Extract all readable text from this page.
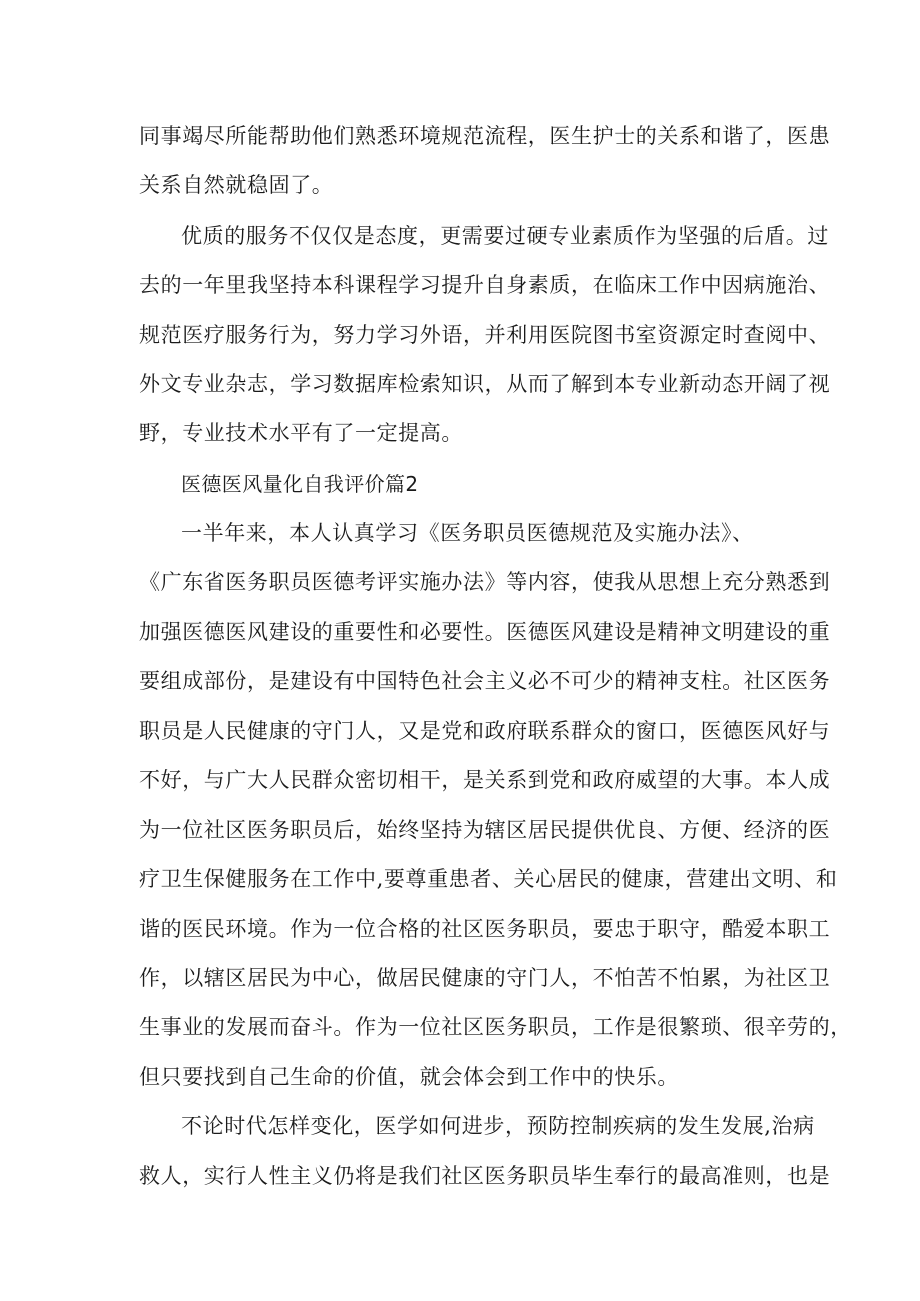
同事竭尽所能帮助他们熟悉环境规范流程，医生护士的关系和谐了，医患
关系自然就稳固了。
优质的服务不仅仅是态度，更需要过硬专业素质作为坚强的后盾。过
去的一年里我坚持本科课程学习提升自身素质，在临床工作中因病施治、
规范医疗服务行为，努力学习外语，并利用医院图书室资源定时查阅中、
外文专业杂志，学习数据库检索知识，从而了解到本专业新动态开阔了视
野，专业技术水平有了一定提高。
医德医风量化自我评价篇2
一半年来，本人认真学习《医务职员医德规范及实施办法》、
《广东省医务职员医德考评实施办法》等内容，使我从思想上充分熟悉到
加强医德医风建设的重要性和必要性。医德医风建设是精神文明建设的重
要组成部份，是建设有中国特色社会主义必不可少的精神支柱。社区医务
职员是人民健康的守门人，又是党和政府联系群众的窗口，医德医风好与
不好，与广大人民群众密切相干，是关系到党和政府威望的大事。本人成
为一位社区医务职员后，始终坚持为辖区居民提供优良、方便、经济的医
疗卫生保健服务在工作中,要尊重患者、关心居民的健康，营建出文明、和
谐的医民环境。作为一位合格的社区医务职员，要忠于职守，酷爱本职工
作，以辖区居民为中心，做居民健康的守门人，不怕苦不怕累，为社区卫
生事业的发展而奋斗。作为一位社区医务职员，工作是很繁琐、很辛劳的，
但只要找到自己生命的价值，就会体会到工作中的快乐。
不论时代怎样变化，医学如何进步，预防控制疾病的发生发展,治病
救人，实行人性主义仍将是我们社区医务职员毕生奉行的最高准则，也是
